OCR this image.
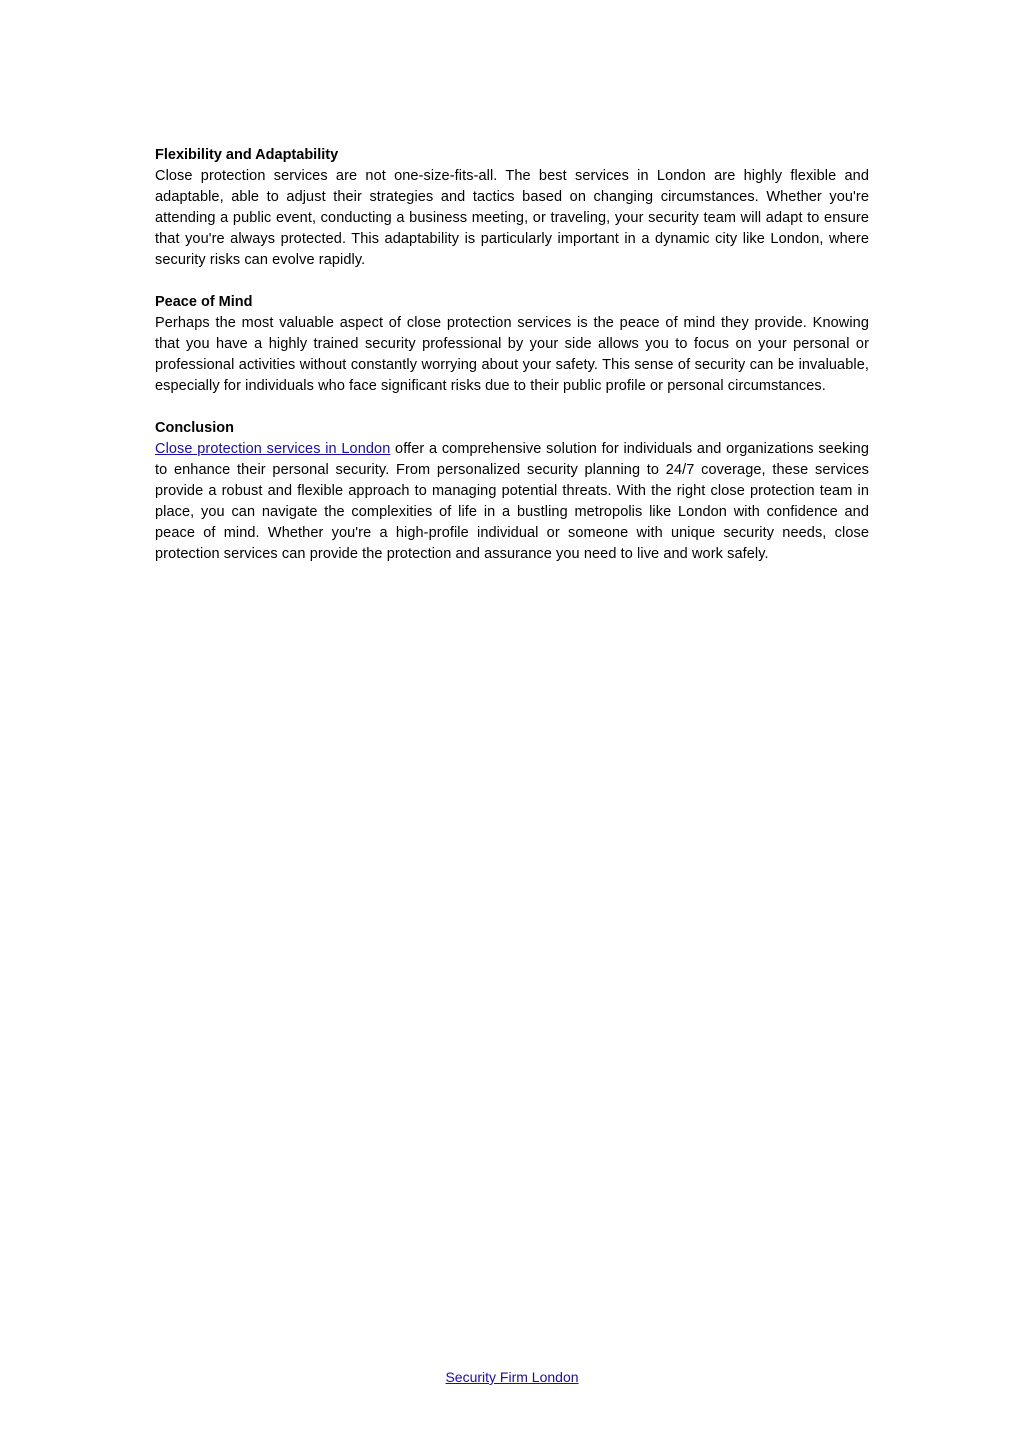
Flexibility and Adaptability

Close protection services are not one-size-fits-all. The best services in London are highly flexible and adaptable, able to adjust their strategies and tactics based on changing circumstances. Whether you're attending a public event, conducting a business meeting, or traveling, your security team will adapt to ensure that you're always protected. This adaptability is particularly important in a dynamic city like London, where security risks can evolve rapidly.

Peace of Mind

Perhaps the most valuable aspect of close protection services is the peace of mind they provide. Knowing that you have a highly trained security professional by your side allows you to focus on your personal or professional activities without constantly worrying about your safety. This sense of security can be invaluable, especially for individuals who face significant risks due to their public profile or personal circumstances.

Conclusion

Close protection services in London offer a comprehensive solution for individuals and organizations seeking to enhance their personal security. From personalized security planning to 24/7 coverage, these services provide a robust and flexible approach to managing potential threats. With the right close protection team in place, you can navigate the complexities of life in a bustling metropolis like London with confidence and peace of mind. Whether you're a high-profile individual or someone with unique security needs, close protection services can provide the protection and assurance you need to live and work safely.

Security Firm London
